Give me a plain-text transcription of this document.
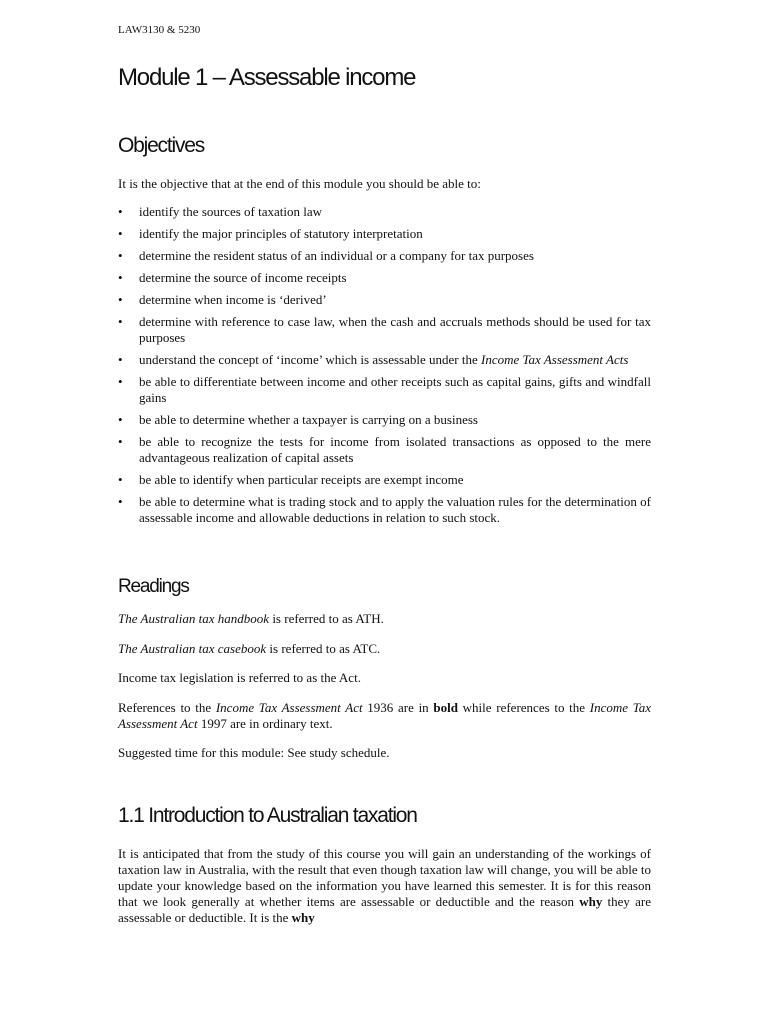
LAW3130 & 5230
Module 1 – Assessable income
Objectives
It is the objective that at the end of this module you should be able to:
•	identify the sources of taxation law
•	identify the major principles of statutory interpretation
•	determine the resident status of an individual or a company for tax purposes
•	determine the source of income receipts
•	determine when income is ‘derived’
•	determine with reference to case law, when the cash and accruals methods should be used for tax purposes
•	understand the concept of ‘income’ which is assessable under the Income Tax Assessment Acts
•	be able to differentiate between income and other receipts such as capital gains, gifts and windfall gains
•	be able to determine whether a taxpayer is carrying on a business
•	be able to recognize the tests for income from isolated transactions as opposed to the mere advantageous realization of capital assets
•	be able to identify when particular receipts are exempt income
•	be able to determine what is trading stock and to apply the valuation rules for the determination of assessable income and allowable deductions in relation to such stock.
Readings

The Australian tax handbook is referred to as ATH.

The Australian tax casebook is referred to as ATC.

Income tax legislation is referred to as the Act.

References to the Income Tax Assessment Act 1936 are in bold while references to the Income Tax Assessment Act 1997 are in ordinary text.

Suggested time for this module: See study schedule.

1.1 Introduction to Australian taxation

It is anticipated that from the study of this course you will gain an understanding of the workings of taxation law in Australia, with the result that even though taxation law will change, you will be able to update your knowledge based on the information you have learned this semester. It is for this reason that we look generally at whether items are assessable or deductible and the reason why they are assessable or deductible. It is the why
